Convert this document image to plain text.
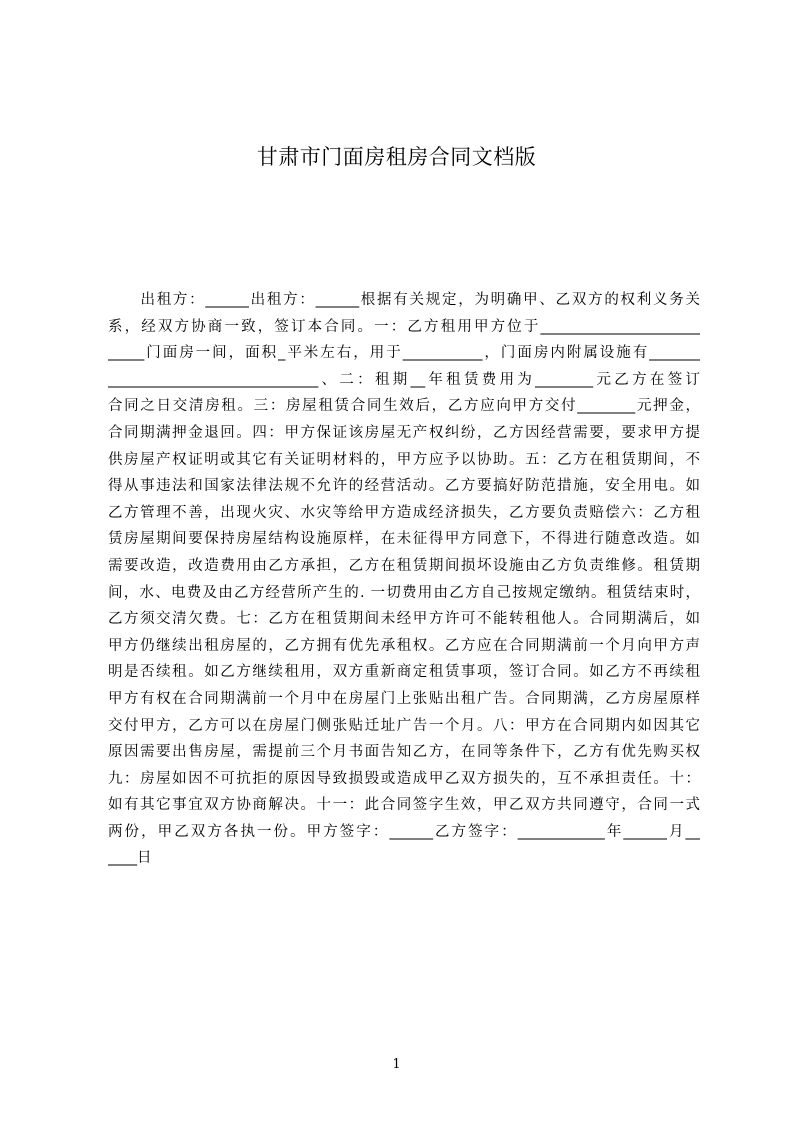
甘肃市门面房租房合同文档版
　　出租方：______出租方：______根据有关规定，为明确甲、乙双方的权利义务关
系，经双方协商一致，签订本合同。一：乙方租用甲方位于______________________
_____门面房一间，面积_平米左右，用于___________，门面房内附属设施有_______
_____________________________、二：租期__年租赁费用为________元乙方在签订
合同之日交清房租。三：房屋租赁合同生效后，乙方应向甲方交付________元押金，
合同期满押金退回。四：甲方保证该房屋无产权纠纷，乙方因经营需要，要求甲方提
供房屋产权证明或其它有关证明材料的，甲方应予以协助。五：乙方在租赁期间，不
得从事违法和国家法律法规不允许的经营活动。乙方要搞好防范措施，安全用电。如
乙方管理不善，出现火灾、水灾等给甲方造成经济损失，乙方要负责赔偿六：乙方租
赁房屋期间要保持房屋结构设施原样，在未征得甲方同意下，不得进行随意改造。如
需要改造，改造费用由乙方承担，乙方在租赁期间损坏设施由乙方负责维修。租赁期
间，水、电费及由乙方经营所产生的. 一切费用由乙方自己按规定缴纳。租赁结束时，
乙方须交清欠费。七：乙方在租赁期间未经甲方许可不能转租他人。合同期满后，如
甲方仍继续出租房屋的，乙方拥有优先承租权。乙方应在合同期满前一个月向甲方声
明是否续租。如乙方继续租用，双方重新商定租赁事项，签订合同。如乙方不再续租
甲方有权在合同期满前一个月中在房屋门上张贴出租广告。合同期满，乙方房屋原样
交付甲方，乙方可以在房屋门侧张贴迁址广告一个月。八：甲方在合同期内如因其它
原因需要出售房屋，需提前三个月书面告知乙方，在同等条件下，乙方有优先购买权
九：房屋如因不可抗拒的原因导致损毁或造成甲乙双方损失的，互不承担责任。十：
如有其它事宜双方协商解决。十一：此合同签字生效，甲乙双方共同遵守，合同一式
两份，甲乙双方各执一份。甲方签字：______乙方签字：____________年______月__
____日
1
